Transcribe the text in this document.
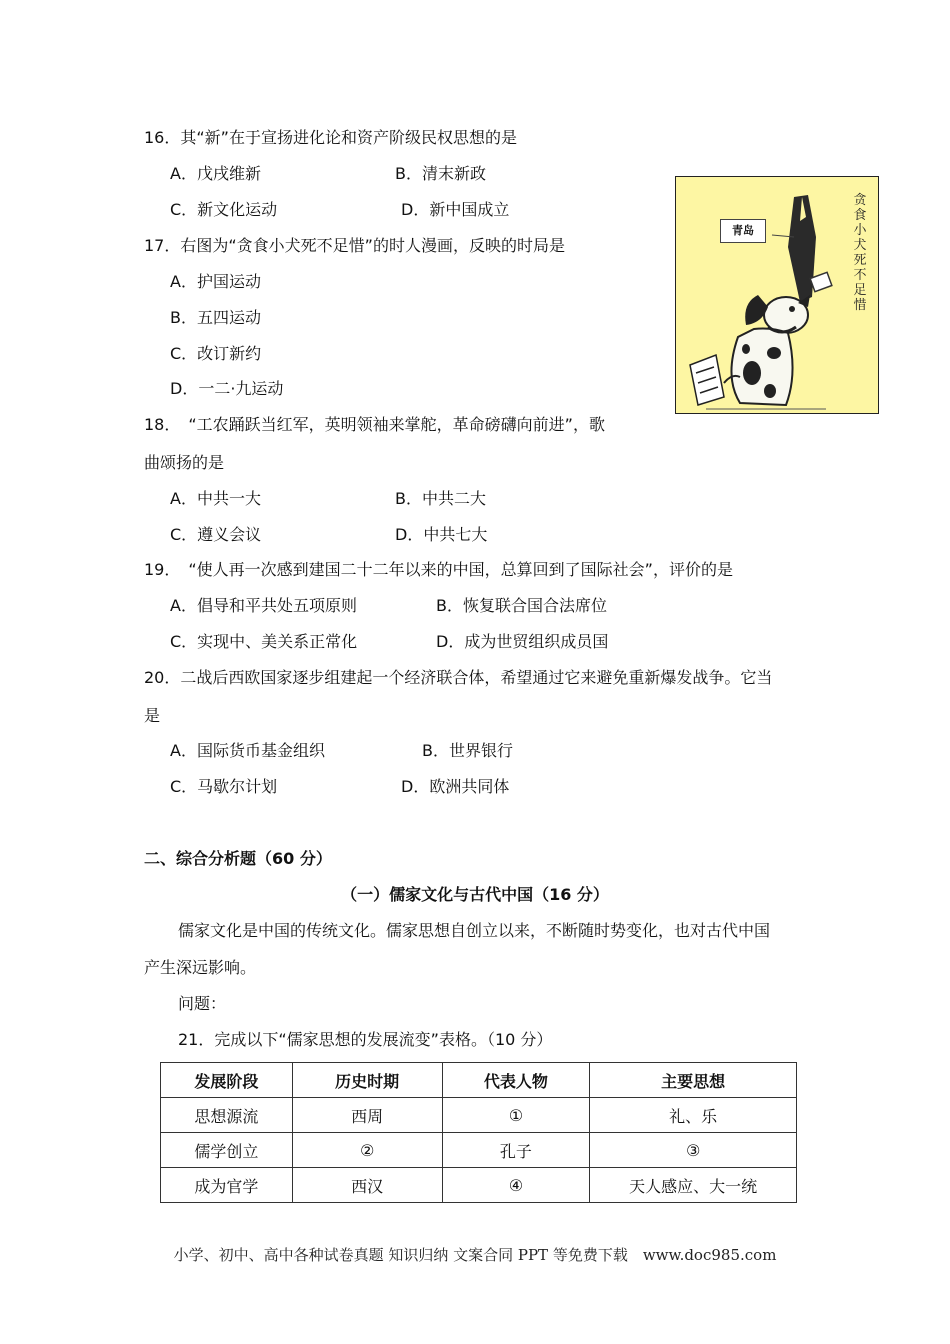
16．其“新”在于宣扬进化论和资产阶级民权思想的是
A．戊戌维新	B．清末新政
C．新文化运动	D．新中国成立
17．右图为“贪食小犬死不足惜”的时人漫画，反映的时局是
A．护国运动
B．五四运动
C．改订新约
D．一二·九运动
青岛
贪食小犬死不足惜
18．　“工农踊跃当红军，英明领袖来掌舵，革命磅礴向前进”，歌
曲颂扬的是
A．中共一大	B．中共二大
C．遵义会议	D．中共七大
19．　“使人再一次感到建国二十二年以来的中国，总算回到了国际社会”，评价的是
A．倡导和平共处五项原则	B．恢复联合国合法席位
C．实现中、美关系正常化	D．成为世贸组织成员国
20．二战后西欧国家逐步组建起一个经济联合体，希望通过它来避免重新爆发战争。它当
是
A．国际货币基金组织	B．世界银行
C．马歇尔计划	D．欧洲共同体
二、综合分析题（60 分）
（一）儒家文化与古代中国（16 分）
儒家文化是中国的传统文化。儒家思想自创立以来，不断随时势变化，也对古代中国
产生深远影响。
问题：
21．完成以下“儒家思想的发展流变”表格。（10 分）
发展阶段	历史时期	代表人物	主要思想
思想源流	西周	①	礼、乐
儒学创立	②	孔子	③
成为官学	西汉	④	天人感应、大一统
小学、初中、高中各种试卷真题 知识归纳 文案合同 PPT 等免费下载　www.doc985.com
